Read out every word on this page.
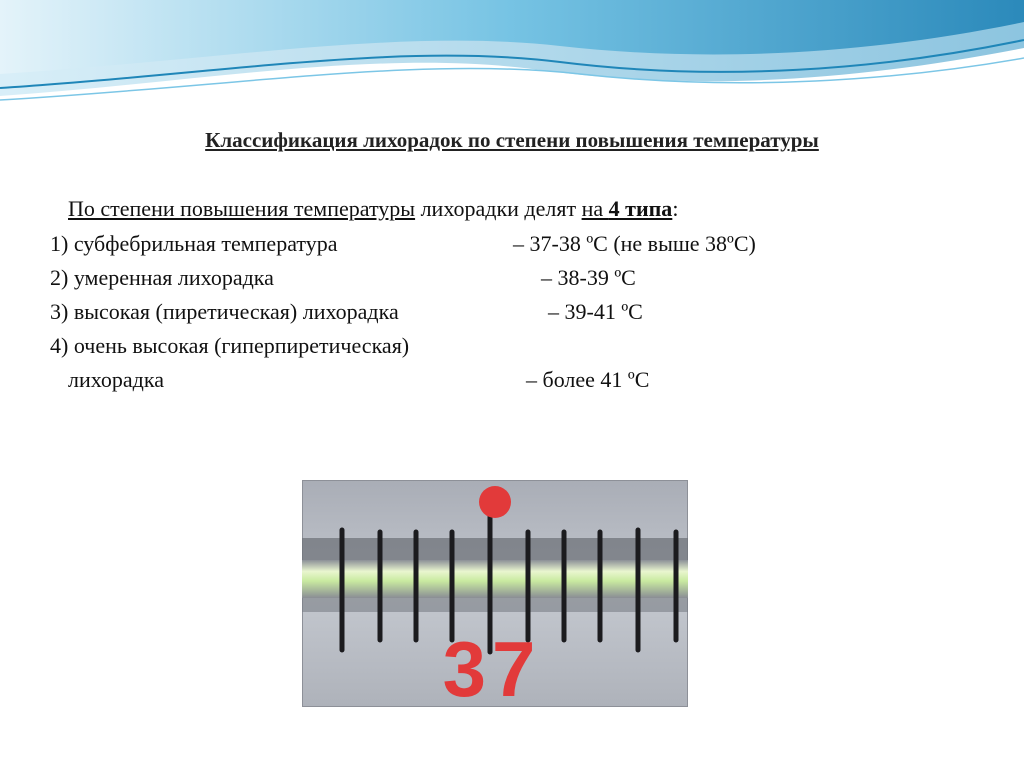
Классификация лихорадок по степени повышения температуры
По степени повышения температуры лихорадки делят на 4 типа:
1) субфебрильная температура	– 37-38 ºС (не выше 38ºС)
2) умеренная лихорадка	– 38-39 ºС
3) высокая (пиретическая) лихорадка	– 39-41 ºС
4) очень высокая (гиперпиретическая)
лихорадка	– более 41 ºС
37
